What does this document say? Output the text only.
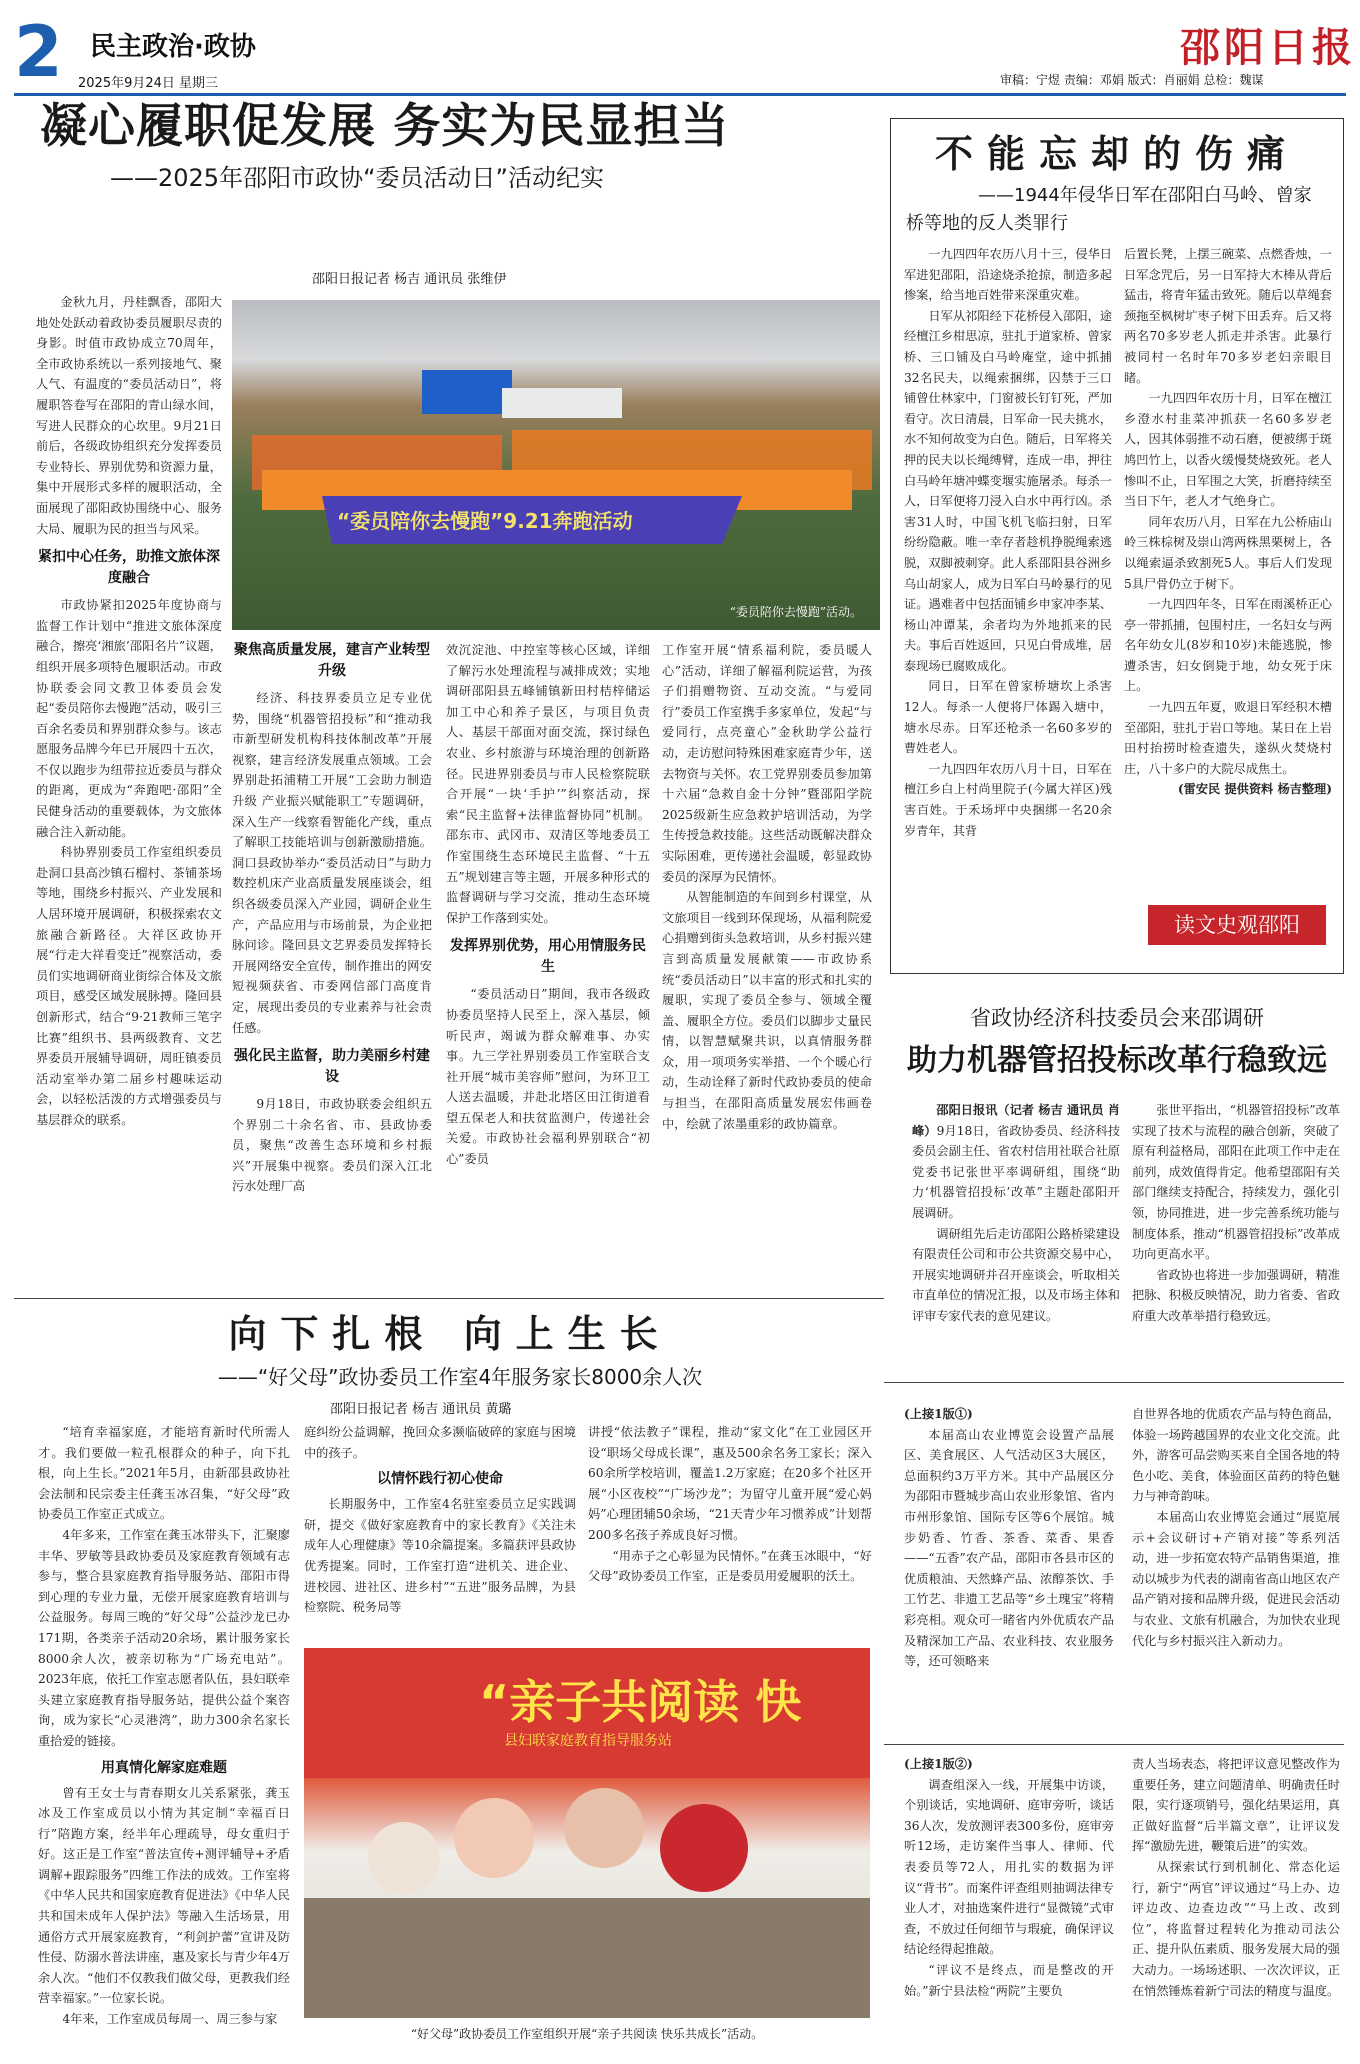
2 民主政治·政协
2025年9月24日 星期三
邵阳日报
审稿：宁煜 责编：邓娟 版式：肖丽娟 总检：魏谋
凝心履职促发展 务实为民显担当
——2025年邵阳市政协“委员活动日”活动纪实
邵阳日报记者 杨吉 通讯员 张维伊

金秋九月，丹桂飘香，邵阳大地处处跃动着政协委员履职尽责的身影。时值市政协成立70周年，全市政协系统以一系列接地气、聚人气、有温度的“委员活动日”，将履职答卷写在邵阳的青山绿水间，写进人民群众的心坎里。9月21日前后，各级政协组织充分发挥委员专业特长、界别优势和资源力量，集中开展形式多样的履职活动，全面展现了邵阳政协围绕中心、服务大局、履职为民的担当与风采。

紧扣中心任务，助推文旅体深度融合

市政协紧扣2025年度协商与监督工作计划中“推进文旅体深度融合，擦亮‘湘旅’邵阳名片”议题，组织开展多项特色履职活动。市政协联委会同文教卫体委员会发起“委员陪你去慢跑”活动，吸引三百余名委员和界别群众参与。该志愿服务品牌今年已开展四十五次，不仅以跑步为纽带拉近委员与群众的距离，更成为“奔跑吧·邵阳”全民健身活动的重要载体，为文旅体融合注入新动能。

科协界别委员工作室组织委员赴洞口县高沙镇石榴村、茶铺茶场等地，围绕乡村振兴、产业发展和人居环境开展调研，积极探索农文旅融合新路径。大祥区政协开展“行走大祥看变迁”视察活动，委员们实地调研商业街综合体及文旅项目，感受区域发展脉搏。隆回县创新形式，结合“9·21教师三笔字比赛”组织书、县两级教育、文艺界委员开展辅导调研，周旺镇委员活动室举办第二届乡村趣味运动会，以轻松活泼的方式增强委员与基层群众的联系。

“委员陪你去慢跑”9.21奔跑活动
“委员陪你去慢跑”活动。
聚焦高质量发展，建言产业转型升级

经济、科技界委员立足专业优势，围绕“机器管招投标”和“推动我市新型研发机构科技体制改革”开展视察，建言经济发展重点领域。工会界别赴拓浦精工开展“工会助力制造升级 产业振兴赋能职工”专题调研，深入生产一线察看智能化产线，重点了解职工技能培训与创新激励措施。洞口县政协举办“委员活动日”与助力数控机床产业高质量发展座谈会，组织各级委员深入产业园，调研企业生产，产品应用与市场前景，为企业把脉问诊。隆回县文艺界委员发挥特长开展网络安全宣传，制作推出的网安短视频获省、市委网信部门高度肯定，展现出委员的专业素养与社会责任感。

强化民主监督，助力美丽乡村建设

9月18日，市政协联委会组织五个界别二十余名省、市、县政协委员，聚焦“改善生态环境和乡村振兴”开展集中视察。委员们深入江北污水处理厂高

效沉淀池、中控室等核心区域，详细了解污水处理流程与减排成效；实地调研邵阳县五峰铺镇新田村桔梓储运加工中心和养子景区，与项目负责人、基层干部面对面交流，探讨绿色农业、乡村旅游与环境治理的创新路径。民进界别委员与市人民检察院联合开展“一块‘手护’”纠察活动，探索“民主监督+法律监督协同”机制。邵东市、武冈市、双清区等地委员工作室围绕生态环境民主监督、“十五五”规划建言等主题，开展多种形式的监督调研与学习交流，推动生态环境保护工作落到实处。

发挥界别优势，用心用情服务民生

“委员活动日”期间，我市各级政协委员坚持人民至上，深入基层，倾听民声，竭诚为群众解难事、办实事。九三学社界别委员工作室联合支社开展“城市美容师”慰问，为环卫工人送去温暖，并赴北塔区田江街道看望五保老人和扶贫监测户，传递社会关爱。市政协社会福利界别联合“初心”委员

工作室开展“情系福利院，委员暖人心”活动，详细了解福利院运营，为孩子们捐赠物资、互动交流。“与爱同行”委员工作室携手多家单位，发起“与爱同行，点亮童心”金秋助学公益行动，走访慰问特殊困难家庭青少年，送去物资与关怀。农工党界别委员参加第十六届“急救自金十分钟”暨邵阳学院2025级新生应急救护培训活动，为学生传授急救技能。这些活动既解决群众实际困难，更传递社会温暖，彰显政协委员的深厚为民情怀。

从智能制造的车间到乡村课堂，从文旅项目一线到环保现场，从福利院爱心捐赠到街头急救培训，从乡村振兴建言到高质量发展献策——市政协系统“委员活动日”以丰富的形式和扎实的履职，实现了委员全参与、领域全覆盖、履职全方位。委员们以脚步丈量民情，以智慧赋聚共识，以真情服务群众，用一项项务实举措、一个个暖心行动，生动诠释了新时代政协委员的使命与担当，在邵阳高质量发展宏伟画卷中，绘就了浓墨重彩的政协篇章。

不能忘却的伤痛
——1944年侵华日军在邵阳白马岭、曾家桥等地的反人类罪行

一九四四年农历八月十三，侵华日军进犯邵阳，沿途烧杀抢掠，制造多起惨案，给当地百姓带来深重灾难。

日军从祁阳经下花桥侵入邵阳，途经檀江乡柑思凉，驻扎于道家桥、曾家桥、三口铺及白马岭庵堂，途中抓捕32名民夫，以绳索捆绑，囚禁于三口铺曾仕林家中，门窗被长钉钉死，严加看守。次日清晨，日军命一民夫挑水，水不知何故变为白色。随后，日军将关押的民夫以长绳缚臂，连成一串，押往白马岭年塘冲蝶变堰实施屠杀。每杀一人，日军便将刀浸入白水中再行凶。杀害31人时，中国飞机飞临扫射，日军纷纷隐蔽。唯一幸存者趁机挣脱绳索逃脱，双脚被刺穿。此人系邵阳县谷洲乡乌山胡家人，成为日军白马岭暴行的见证。遇难者中包括面铺乡申家冲李某、杨山冲谭某，余者均为外地抓来的民夫。事后百姓返回，只见白骨成堆，居泰现场已腐败成化。

同日，日军在曾家桥塘坎上杀害12人。每杀一人便将尸体踢入塘中，塘水尽赤。日军还枪杀一名60多岁的曹姓老人。

一九四四年农历八月十日，日军在檀江乡白上村尚里院子(今属大祥区)残害百姓。于禾场坪中央捆绑一名20余岁青年，其背

后置长凳，上摆三碗菜、点燃香烛，一日军念咒后，另一日军持大木棒从背后猛击，将青年猛击致死。随后以草绳套颈拖至枫树圹枣子树下田丢弃。后又将两名70多岁老人抓走并杀害。此暴行被同村一名时年70多岁老妇亲眼目睹。

一九四四年农历十月，日军在檀江乡澄水村韭菜冲抓获一名60多岁老人，因其体弱推不动石磨，便被绑于斑鸠凹竹上，以香火缓慢焚烧致死。老人惨叫不止，日军围之大笑，折磨持续至当日下午，老人才气绝身亡。

同年农历八月，日军在九公桥庙山岭三株棕树及崇山湾两株黑栗树上，各以绳索逼杀致割死5人。事后人们发现5具尸骨仍立于树下。

一九四四年冬，日军在雨溪桥正心亭一带抓捕，包围村庄，一名妇女与两名年幼女儿(8岁和10岁)未能逃脱，惨遭杀害，妇女倒毙于地，幼女死于床上。

一九四五年夏，败退日军经积木槽至邵阳，驻扎于岩口等地。某日在上岩田村抬捞时检查遗失，遂纵火焚烧村庄，八十多户的大院尽成焦土。

(雷安民 提供资料 杨吉整理)

读文史观邵阳
省政协经济科技委员会来邵调研
助力机器管招投标改革行稳致远

邵阳日报讯（记者 杨吉 通讯员 肖峰）9月18日，省政协委员、经济科技委员会副主任、省农村信用社联合社原党委书记张世平率调研组，围绕“助力‘机器管招投标’改革”主题赴邵阳开展调研。

调研组先后走访邵阳公路桥梁建设有限责任公司和市公共资源交易中心，开展实地调研并召开座谈会，听取相关市直单位的情况汇报，以及市场主体和评审专家代表的意见建议。

张世平指出，“机器管招投标”改革实现了技术与流程的融合创新，突破了原有利益格局，邵阳在此项工作中走在前列，成效值得肯定。他希望邵阳有关部门继续支持配合，持续发力，强化引领，协同推进，进一步完善系统功能与制度体系，推动“机器管招投标”改革成功向更高水平。

省政协也将进一步加强调研，精准把脉、积极反映情况，助力省委、省政府重大改革举措行稳致远。

向下扎根 向上生长
——“好父母”政协委员工作室4年服务家长8000余人次
邵阳日报记者 杨吉 通讯员 黄璐

“培育幸福家庭，才能培育新时代所需人才。我们要做一粒孔根群众的种子，向下扎根，向上生长。”2021年5月，由新邵县政协社会法制和民宗委主任龚玉冰召集，“好父母”政协委员工作室正式成立。

4年多来，工作室在龚玉冰带头下，汇聚廖丰华、罗敏等县政协委员及家庭教育领域有志参与，整合县家庭教育指导服务站、邵阳市得到心理的专业力量，无偿开展家庭教育培训与公益服务。每周三晚的“好父母”公益沙龙已办171期，各类亲子活动20余场，累计服务家长8000余人次，被亲切称为“广场充电站”。2023年底，依托工作室志愿者队伍，县妇联牵头建立家庭教育指导服务站，提供公益个案咨询，成为家长“心灵港湾”，助力300余名家长重拾爱的链接。

用真情化解家庭难题

曾有王女士与青春期女儿关系紧张，龚玉冰及工作室成员以小情为其定制“幸福百日行”陪跑方案，经半年心理疏导，母女重归于好。这正是工作室“普法宣传+测评辅导+矛盾调解+跟踪服务”四维工作法的成效。工作室将《中华人民共和国家庭教育促进法》《中华人民共和国未成年人保护法》等融入生活场景，用通俗方式开展家庭教育，“利剑护蕾”宣讲及防性侵、防溺水普法讲座，惠及家长与青少年4万余人次。“他们不仅教我们做父母，更教我们经营幸福家。”一位家长说。

4年来，工作室成员每周一、周三参与家

庭纠纷公益调解，挽回众多濒临破碎的家庭与困境中的孩子。

以情怀践行初心使命

长期服务中，工作室4名驻室委员立足实践调研，提交《做好家庭教育中的家长教育》《关注未成年人心理健康》等10余篇提案。多篇获评县政协优秀提案。同时，工作室打造“进机关、进企业、进校园、进社区、进乡村”“五进”服务品牌，为县检察院、税务局等

讲授“依法教子”课程，推动“家文化”在工业园区开设“职场父母成长课”，惠及500余名务工家长；深入60余所学校培训，覆盖1.2万家庭；在20多个社区开展“小区夜校”“广场沙龙”；为留守儿童开展“爱心妈妈”心理团辅50余场，“21天青少年习惯养成”计划帮200多名孩子养成良好习惯。

“用赤子之心彰显为民情怀。”在龚玉冰眼中，“好父母”政协委员工作室，正是委员用爱履职的沃土。

“亲子共阅读 快
县妇联家庭教育指导服务站
“好父母”政协委员工作室组织开展“亲子共阅读 快乐共成长”活动。

(上接1版①)

本届高山农业博览会设置产品展区、美食展区、人气活动区3大展区，总面积约3万平方米。其中产品展区分为邵阳市暨城步高山农业形象馆、省内市州形象馆、国际专区等6个展馆。城步奶香、竹香、茶香、菜香、果香——“五香”农产品，邵阳市各县市区的优质粮油、天然蜂产品、浓醇茶饮、手工竹艺、非遗工艺品等“乡土瑰宝”将精彩亮相。观众可一睹省内外优质农产品及精深加工产品、农业科技、农业服务等，还可领略来

自世界各地的优质农产品与特色商品，体验一场跨越国界的农业文化交流。此外，游客可品尝购买来自全国各地的特色小吃、美食，体验面区苗药的特色魅力与神奇韵味。

本届高山农业博览会通过“展览展示+会议研讨+产销对接”等系列活动，进一步拓宽农特产品销售渠道，推动以城步为代表的湖南省高山地区农产品产销对接和品牌升级，促进民会活动与农业、文旅有机融合，为加快农业现代化与乡村振兴注入新动力。

(上接1版②)

调查组深入一线，开展集中访谈，个别谈话，实地调研、庭审旁听，谈话36人次，发放测评表300多份，庭审旁听12场，走访案件当事人、律师、代表委员等72人，用扎实的数据为评议“背书”。而案件评查组则抽调法律专业人才，对抽选案件进行“显微镜”式审查，不放过任何细节与瑕疵，确保评议结论经得起推敲。

“评议不是终点，而是整改的开始。”新宁县法检“两院”主要负

责人当场表态，将把评议意见整改作为重要任务，建立问题清单、明确责任时限，实行逐项销号，强化结果运用，真正做好监督“后半篇文章”，让评议发挥“激励先进，鞭策后进”的实效。

从探索试行到机制化、常态化运行，新宁“两官”评议通过“马上办、边评边改、边查边改”“马上改、改到位”，将监督过程转化为推动司法公正、提升队伍素质、服务发展大局的强大动力。一场场述职、一次次评议，正在悄然锤炼着新宁司法的精度与温度。
